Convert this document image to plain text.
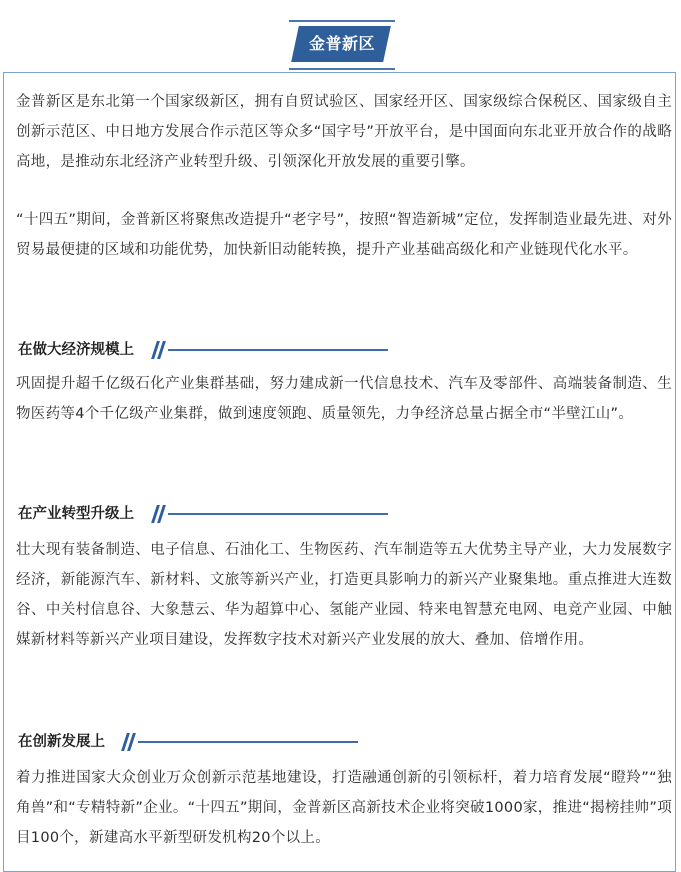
金普新区

金普新区是东北第一个国家级新区，拥有自贸试验区、国家经开区、国家级综合保税区、国家级自主创新示范区、中日地方发展合作示范区等众多“国字号”开放平台，是中国面向东北亚开放合作的战略高地，是推动东北经济产业转型升级、引领深化开放发展的重要引擎。

“十四五”期间，金普新区将聚焦改造提升“老字号”，按照“智造新城”定位，发挥制造业最先进、对外贸易最便捷的区域和功能优势，加快新旧动能转换，提升产业基础高级化和产业链现代化水平。

在做大经济规模上

巩固提升超千亿级石化产业集群基础，努力建成新一代信息技术、汽车及零部件、高端装备制造、生物医药等4个千亿级产业集群，做到速度领跑、质量领先，力争经济总量占据全市“半壁江山”。

在产业转型升级上

壮大现有装备制造、电子信息、石油化工、生物医药、汽车制造等五大优势主导产业，大力发展数字经济，新能源汽车、新材料、文旅等新兴产业，打造更具影响力的新兴产业聚集地。重点推进大连数谷、中关村信息谷、大象慧云、华为超算中心、氢能产业园、特来电智慧充电网、电竞产业园、中触媒新材料等新兴产业项目建设，发挥数字技术对新兴产业发展的放大、叠加、倍增作用。

在创新发展上

着力推进国家大众创业万众创新示范基地建设，打造融通创新的引领标杆，着力培育发展“瞪羚”“独角兽”和“专精特新”企业。“十四五”期间，金普新区高新技术企业将突破1000家，推进“揭榜挂帅”项目100个，新建高水平新型研发机构20个以上。
